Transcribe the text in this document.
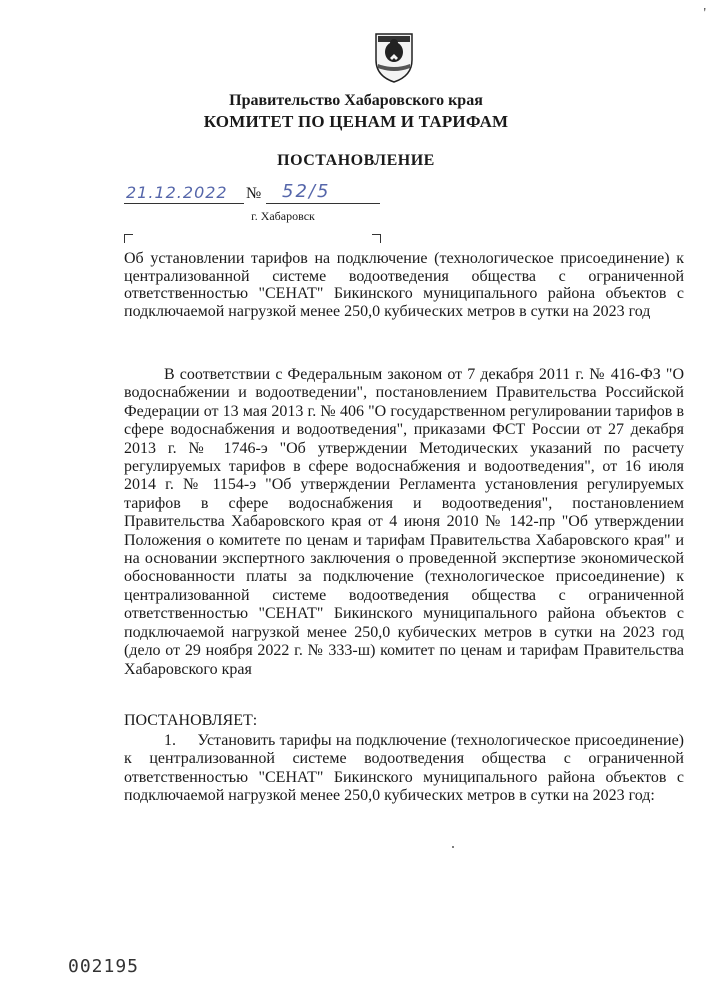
'
Правительство Хабаровского края
КОМИТЕТ ПО ЦЕНАМ И ТАРИФАМ
ПОСТАНОВЛЕНИЕ
21.12.2022 № 52/5
г. Хабаровск
Об установлении тарифов на подключение (технологическое присоединение) к централизованной системе водоотведения общества с ограниченной ответственностью "СЕНАТ" Бикинского муниципального района объектов с подключаемой нагрузкой менее 250,0 кубических метров в сутки на 2023 год

В соответствии с Федеральным законом от 7 декабря 2011 г. № 416-ФЗ "О водоснабжении и водоотведении", постановлением Правительства Российской Федерации от 13 мая 2013 г. № 406 "О государственном регулировании тарифов в сфере водоснабжения и водоотведения", приказами ФСТ России от 27 декабря 2013 г. № 1746-э "Об утверждении Методических указаний по расчету регулируемых тарифов в сфере водоснабжения и водоотведения", от 16 июля 2014 г. № 1154-э "Об утверждении Регламента установления регулируемых тарифов в сфере водоснабжения и водоотведения", постановлением Правительства Хабаровского края от 4 июня 2010 № 142-пр "Об утверждении Положения о комитете по ценам и тарифам Правительства Хабаровского края" и на основании экспертного заключения о проведенной экспертизе экономической обоснованности платы за подключение (технологическое присоединение) к централизованной системе водоотведения общества с ограниченной ответственностью "СЕНАТ" Бикинского муниципального района объектов с подключаемой нагрузкой менее 250,0 кубических метров в сутки на 2023 год (дело от 29 ноября 2022 г. № 333-ш) комитет по ценам и тарифам Правительства Хабаровского края

ПОСТАНОВЛЯЕТ:

1. Установить тарифы на подключение (технологическое присоединение) к централизованной системе водоотведения общества с ограниченной ответственностью "СЕНАТ" Бикинского муниципального района объектов с подключаемой нагрузкой менее 250,0 кубических метров в сутки на 2023 год:

002195
